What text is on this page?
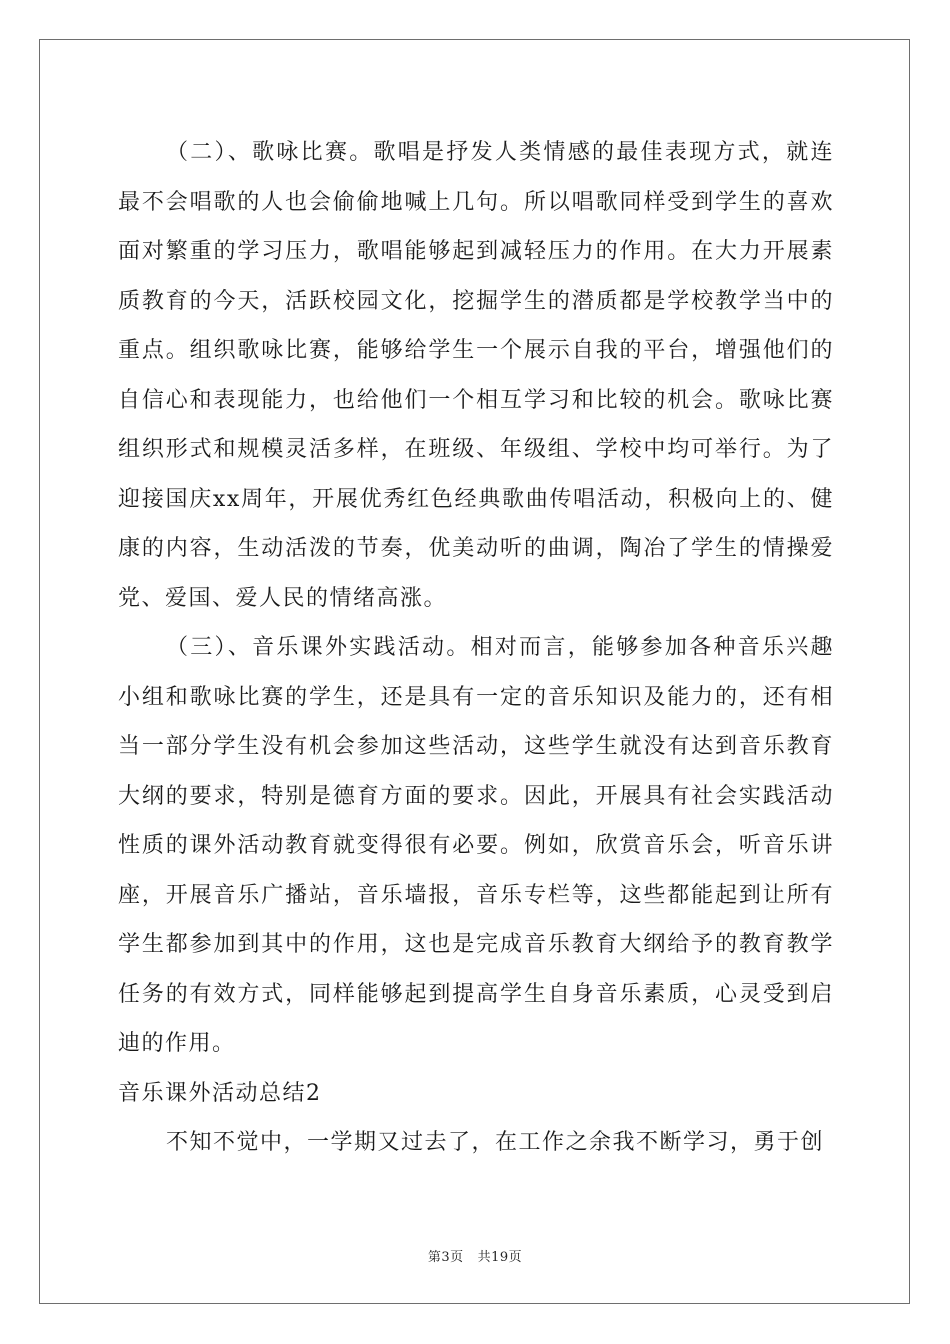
（二）、歌咏比赛。歌唱是抒发人类情感的最佳表现方式，就连最不会唱歌的人也会偷偷地喊上几句。所以唱歌同样受到学生的喜欢面对繁重的学习压力，歌唱能够起到减轻压力的作用。在大力开展素质教育的今天，活跃校园文化，挖掘学生的潜质都是学校教学当中的重点。组织歌咏比赛，能够给学生一个展示自我的平台，增强他们的自信心和表现能力，也给他们一个相互学习和比较的机会。歌咏比赛组织形式和规模灵活多样，在班级、年级组、学校中均可举行。为了迎接国庆xx周年，开展优秀红色经典歌曲传唱活动，积极向上的、健康的内容，生动活泼的节奏，优美动听的曲调，陶冶了学生的情操爱党、爱国、爱人民的情绪高涨。

（三）、音乐课外实践活动。相对而言，能够参加各种音乐兴趣小组和歌咏比赛的学生，还是具有一定的音乐知识及能力的，还有相当一部分学生没有机会参加这些活动，这些学生就没有达到音乐教育大纲的要求，特别是德育方面的要求。因此，开展具有社会实践活动性质的课外活动教育就变得很有必要。例如，欣赏音乐会，听音乐讲座，开展音乐广播站，音乐墙报，音乐专栏等，这些都能起到让所有学生都参加到其中的作用，这也是完成音乐教育大纲给予的教育教学任务的有效方式，同样能够起到提高学生自身音乐素质，心灵受到启迪的作用。

音乐课外活动总结2

不知不觉中，一学期又过去了，在工作之余我不断学习，勇于创

第3页 共19页
